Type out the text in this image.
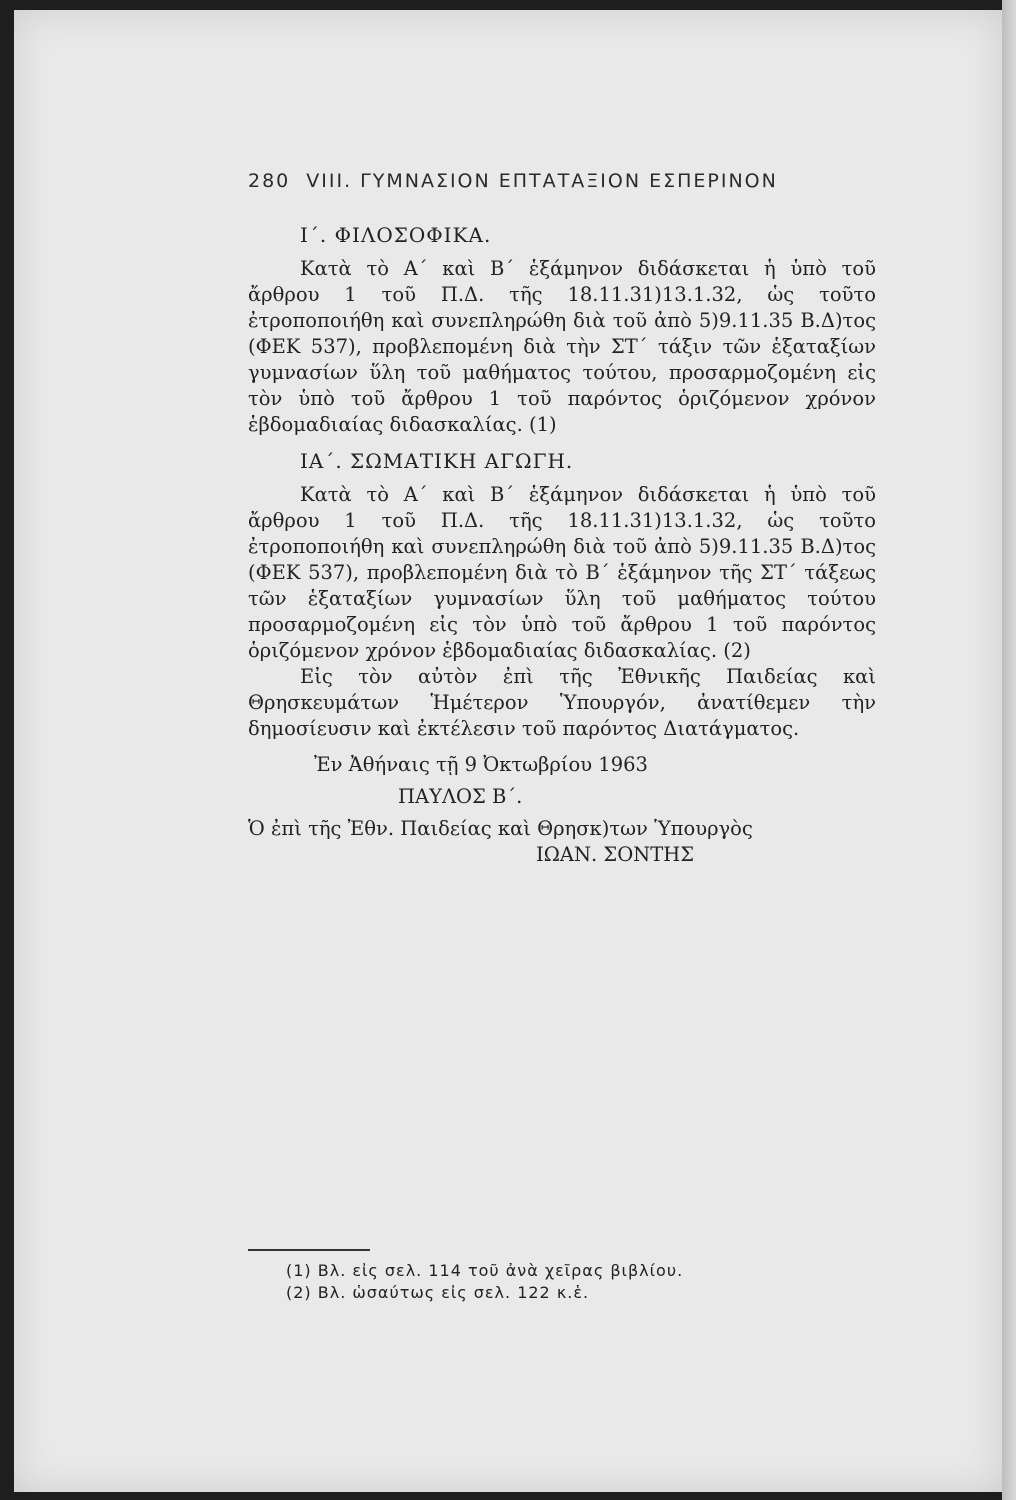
280 VIII. ΓΥΜΝΑΣΙΟΝ ΕΠΤΑΤΑΞΙΟΝ ΕΣΠΕΡΙΝΟΝ
Ι΄. ΦΙΛΟΣΟΦΙΚΑ.

Κατὰ τὸ Α΄ καὶ Β΄ ἑξάμηνον διδάσκεται ἡ ὑπὸ τοῦ ἄρθρου 1 τοῦ Π.Δ. τῆς 18.11.31)13.1.32, ὡς τοῦτο ἐτροποποιήθη καὶ συνεπληρώθη διὰ τοῦ ἀπὸ 5)9.11.35 Β.Δ)τος (ΦΕΚ 537), προβλεπομένη διὰ τὴν ΣΤ΄ τάξιν τῶν ἑξαταξίων γυμνασίων ὕλη τοῦ μαθήματος τούτου, προσαρμοζομένη εἰς τὸν ὑπὸ τοῦ ἄρθρου 1 τοῦ παρόντος ὁριζόμενον χρόνον ἑβδομαδιαίας διδασκαλίας. (1)

ΙΑ΄. ΣΩΜΑΤΙΚΗ ΑΓΩΓΗ.

Κατὰ τὸ Α΄ καὶ Β΄ ἑξάμηνον διδάσκεται ἡ ὑπὸ τοῦ ἄρθρου 1 τοῦ Π.Δ. τῆς 18.11.31)13.1.32, ὡς τοῦτο ἐτροποποιήθη καὶ συνεπληρώθη διὰ τοῦ ἀπὸ 5)9.11.35 Β.Δ)τος (ΦΕΚ 537), προβλεπομένη διὰ τὸ Β΄ ἑξάμηνον τῆς ΣΤ΄ τάξεως τῶν ἑξαταξίων γυμνασίων ὕλη τοῦ μαθήματος τούτου προσαρμοζομένη εἰς τὸν ὑπὸ τοῦ ἄρθρου 1 τοῦ παρόντος ὁριζόμενον χρόνον ἑβδομαδιαίας διδασκαλίας. (2)

Εἰς τὸν αὐτὸν ἐπὶ τῆς Ἐθνικῆς Παιδείας καὶ Θρησκευμάτων Ἡμέτερον Ὑπουργόν, ἀνατίθεμεν τὴν δημοσίευσιν καὶ ἐκτέλεσιν τοῦ παρόντος Διατάγματος.

Ἐν Ἀθήναις τῇ 9 Ὀκτωβρίου 1963
ΠΑΥΛΟΣ Β΄.
Ὁ ἐπὶ τῆς Ἐθν. Παιδείας καὶ Θρησκ)των Ὑπουργὸς
ΙΩΑΝ. ΣΟΝΤΗΣ
(1) Βλ. εἰς σελ. 114 τοῦ ἀνὰ χεῖρας βιβλίου.
(2) Βλ. ὡσαύτως εἰς σελ. 122 κ.ἑ.
